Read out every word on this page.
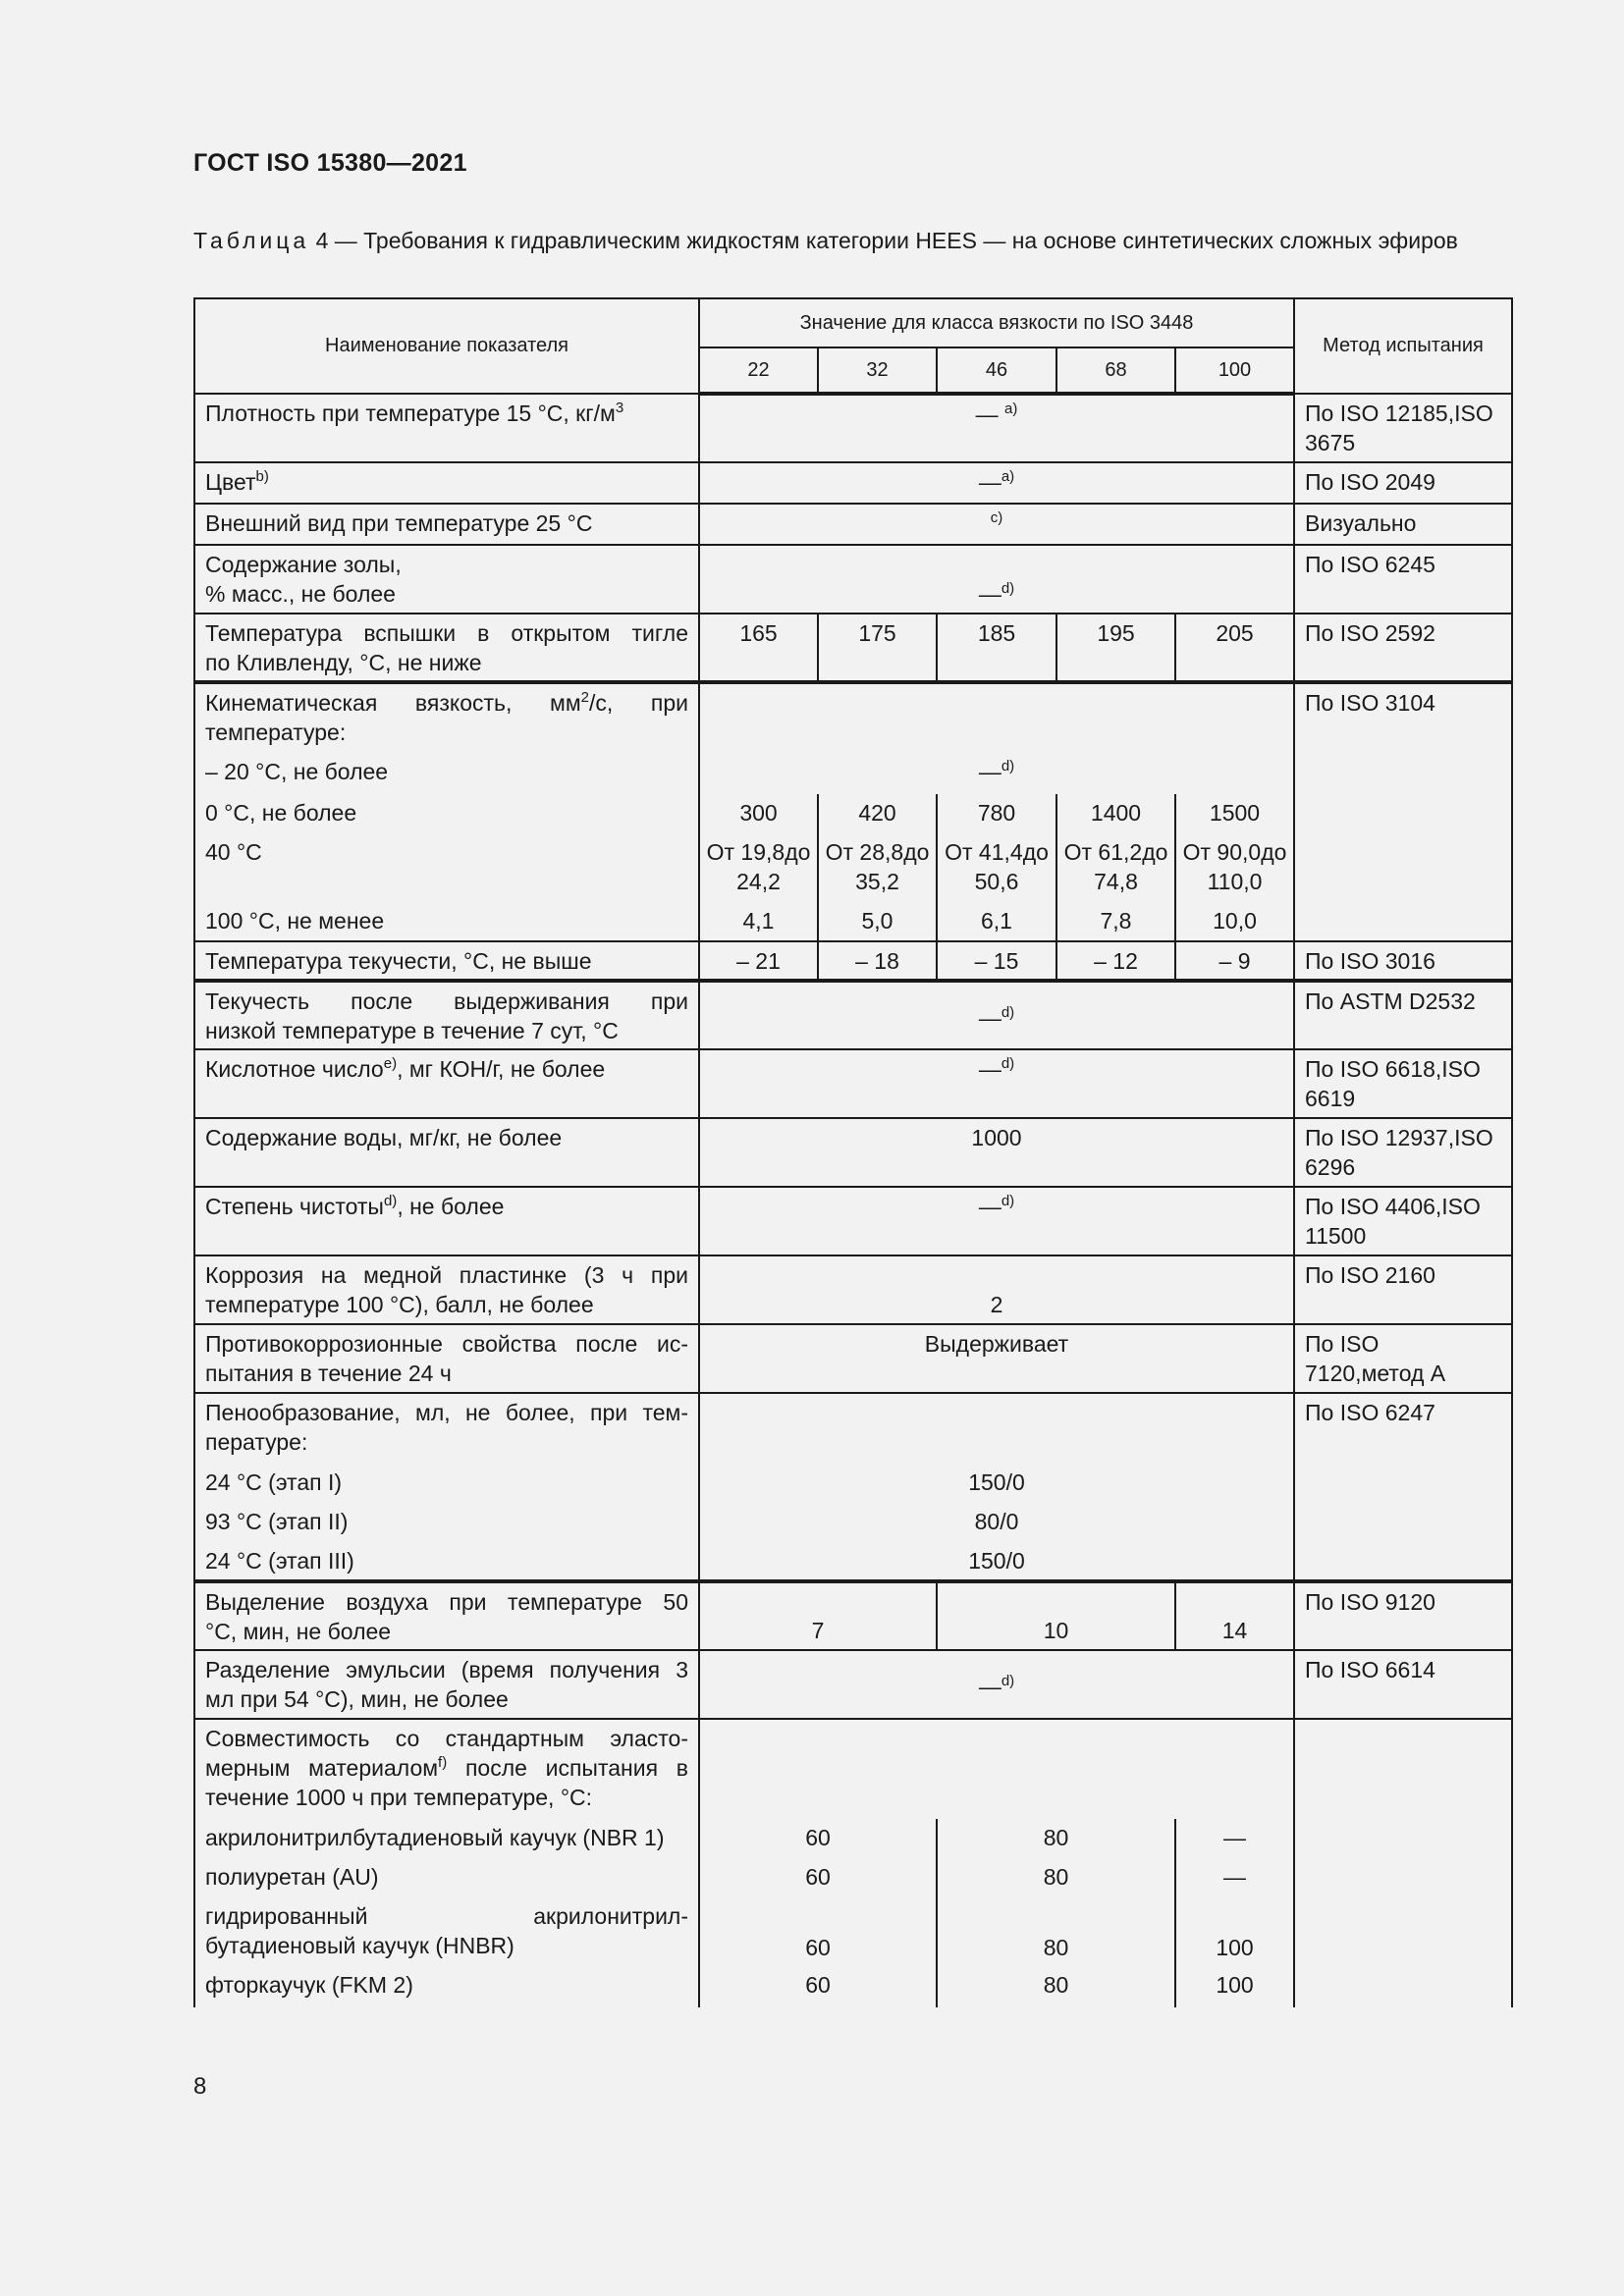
ГОСТ ISO 15380—2021
Таблица 4 — Требования к гидравлическим жидкостям категории HEES — на основе синтетических сложных эфиров
Наименование показателя	Значение для класса вязкости по ISO 3448					Метод испытания
	22	32	46	68	100	
Плотность при температуре 15 °C, $кг/м^3$	— $^{a)}$					По ISO 12185,ISO 3675
Цвет$^{b)}$	—$^{a)}$					По ISO 2049
Внешний вид при температуре 25 °С	$^{c)}$					Визуально

Содержание золы,
% масс., не более	—$^{d)}$					По ISO 6245

Температура вспышки в открытом тигле
по Кливленду, °С, не ниже	165	175	185	195	205	По ISO 2592

Кинематическая вязкость, $мм^2/с$, при
температуре:						По ISO 3104
– 20 °С, не более	—$^{d)}$
0 °С, не более	300	420	780	1400	1500	
40 °С	От 19,8до 24,2	От 28,8до 35,2	От 41,4до 50,6	От 61,2до 74,8	От 90,0до 110,0	
100 °С, не менее	4,1	5,0	6,1	7,8	10,0	
Температура текучести, °С, не выше	– 21	– 18	– 15	– 12	– 9	По ISO 3016

Текучесть после выдерживания при
низкой температуре в течение 7 сут, °С	—$^{d)}$					По ASTM D2532
Кислотное число$^{e)}$, мг КОН/г, не более	—$^{d)}$					По ISO 6618,ISO 6619
Содержание воды, мг/кг, не более	1000					По ISO 12937,ISO 6296
Степень чистоты$^{d)}$, не более	—$^{d)}$					По ISO 4406,ISO 11500

Коррозия на медной пластинке (3 ч при
температуре 100 °С), балл, не более	2					По ISO 2160

Противокоррозионные свойства после ис-
пытания в течение 24 ч	Выдерживает					По ISO 7120,метод А

Пенообразование, мл, не более, при тем-
пературе:						По ISO 6247
24 °С (этап I)	150/0					
93 °С (этап II)	80/0					
24 °С (этап III)	150/0					

Выделение воздуха при температуре 50
°С, мин, не более	7		10		14	По ISO 9120

Разделение эмульсии (время получения 3
мл при 54 °С), мин, не более	—$^{d)}$					По ISO 6614

Совместимость со стандартным эласто-
мерным материалом$^{f)}$ после испытания в
течение 1000 ч при температуре, °С:						

акрилонитрилбутадиеновый каучук (NBR 1)	60		80		—	
полиуретан (AU)	60		80		—	

гидрированный акрилонитрил-
бутадиеновый каучук (HNBR)	60		80		100	
фторкаучук (FKM 2)	60		80		100	
8
